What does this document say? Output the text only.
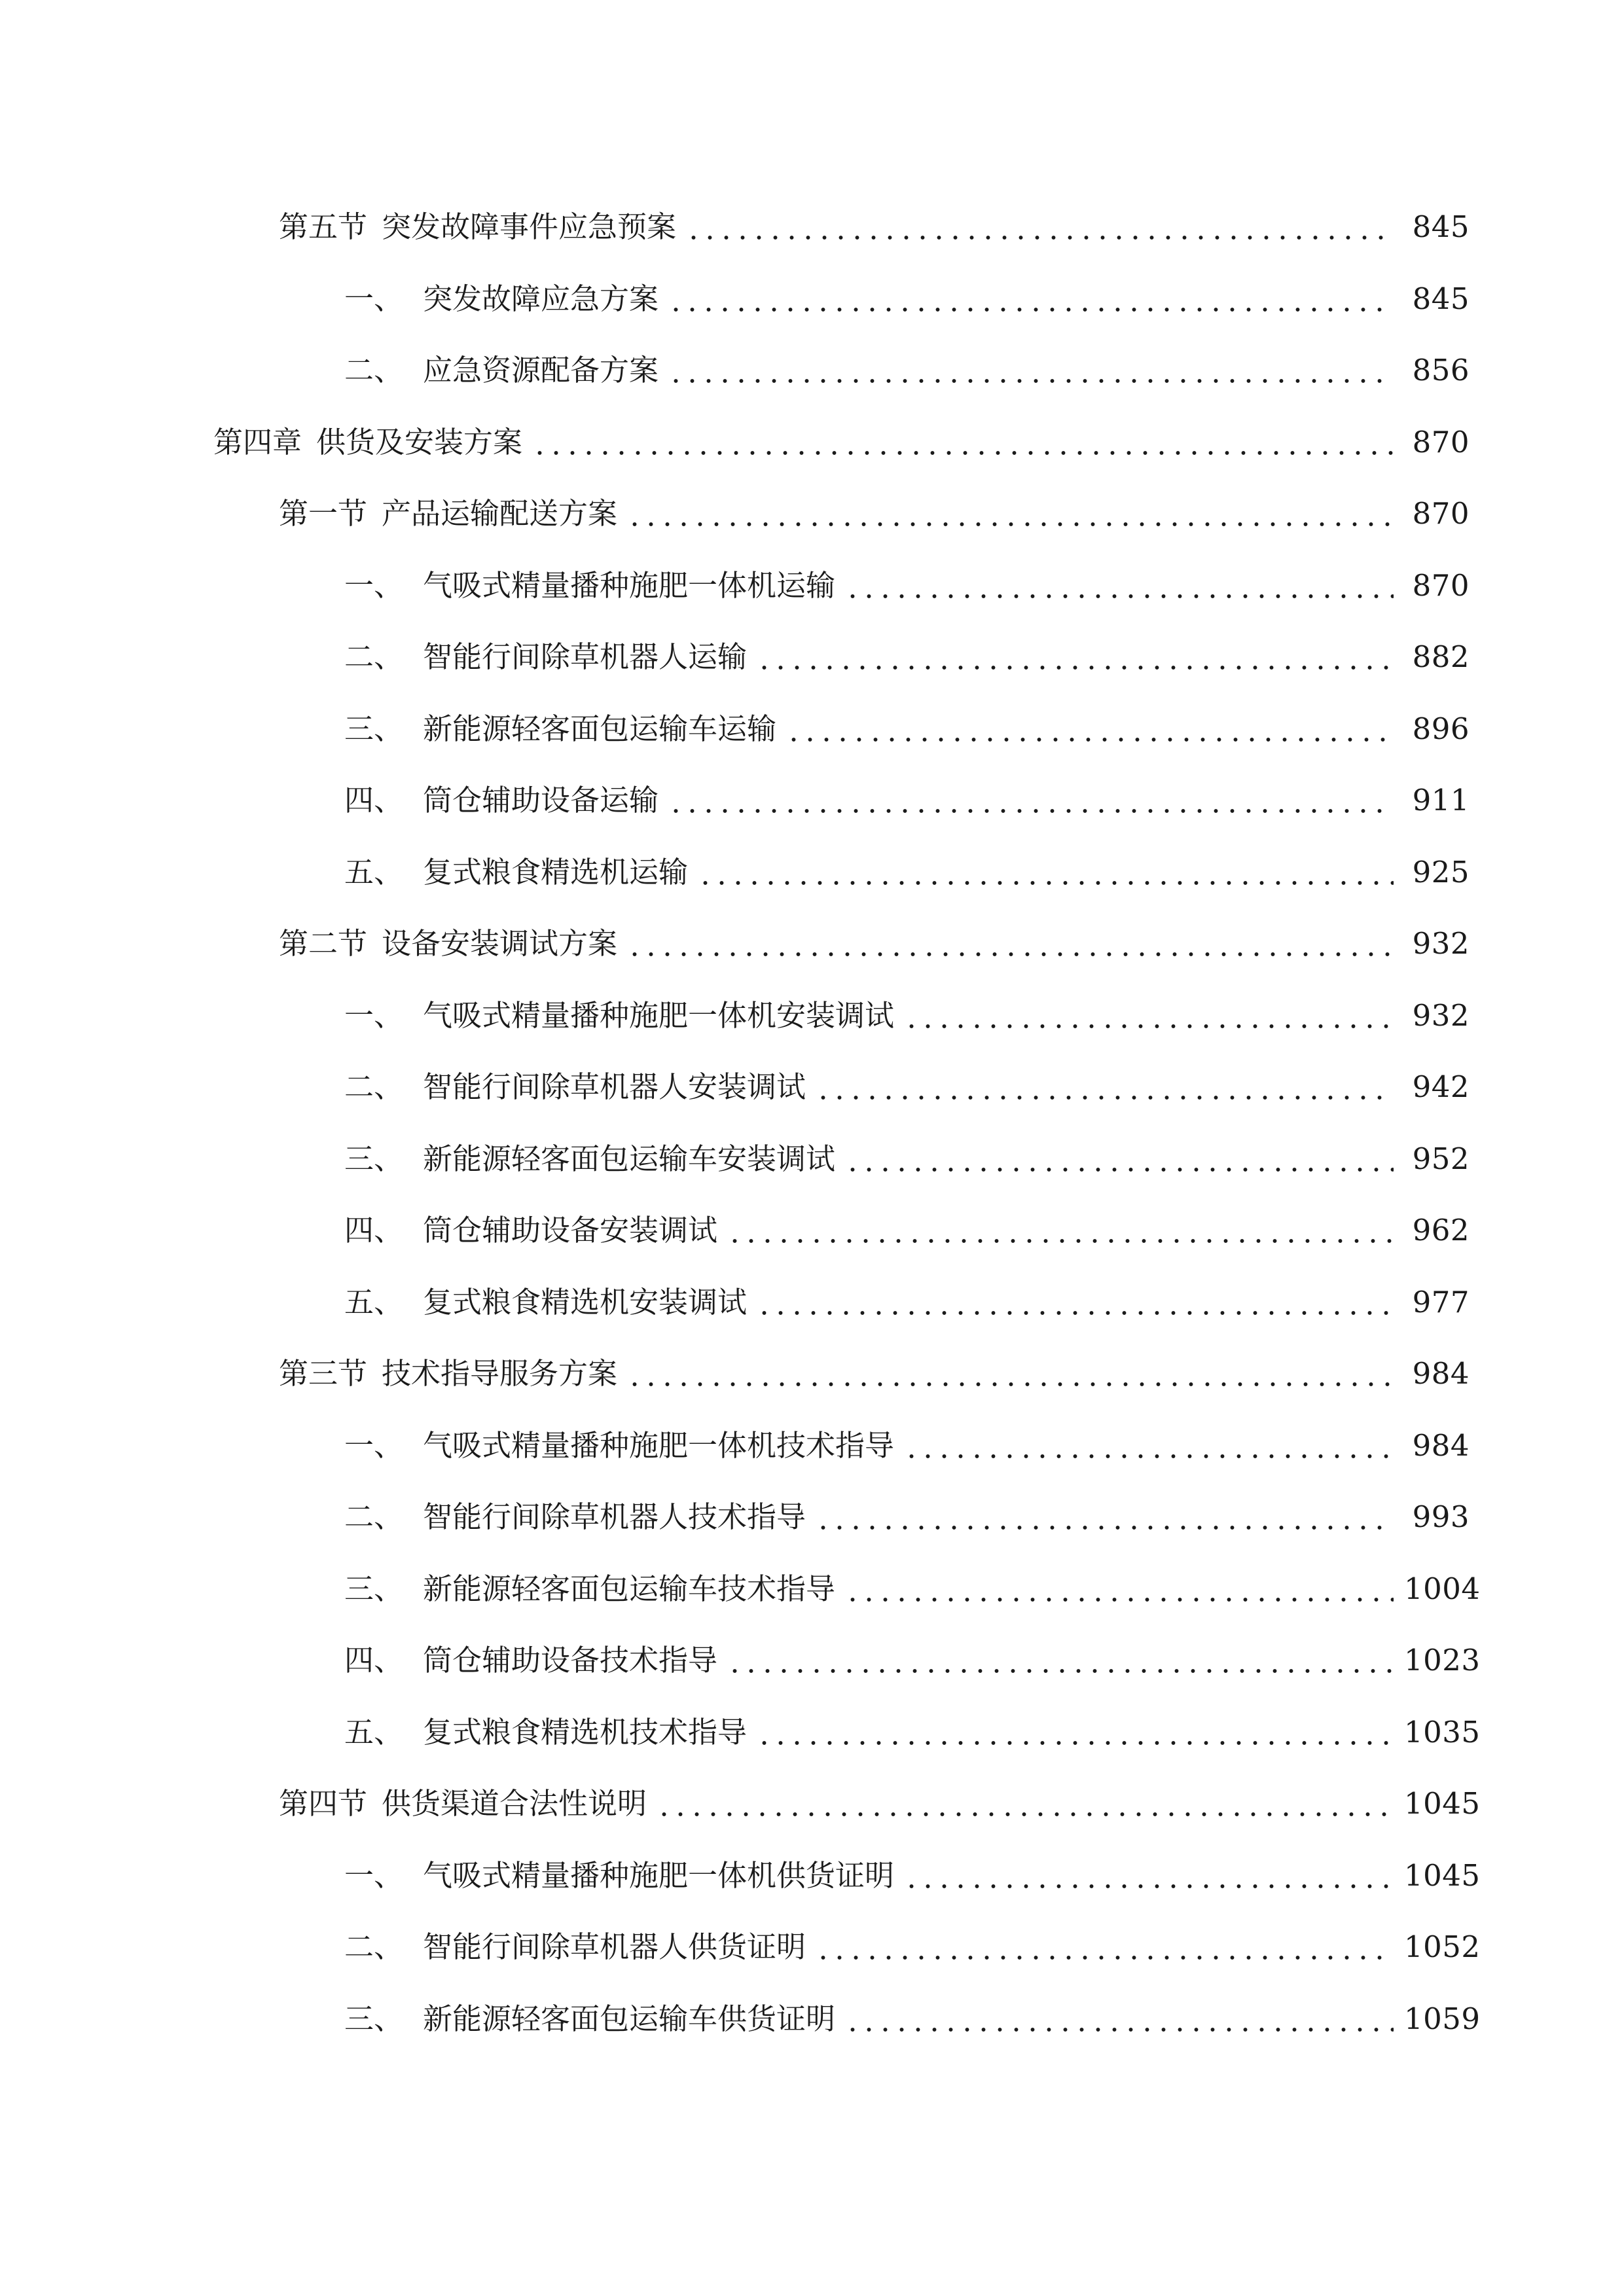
第五节 突发故障事件应急预案	845
一、 突发故障应急方案	845
二、 应急资源配备方案	856
第四章 供货及安装方案	870
第一节 产品运输配送方案	870
一、 气吸式精量播种施肥一体机运输	870
二、 智能行间除草机器人运输	882
三、 新能源轻客面包运输车运输	896
四、 筒仓辅助设备运输	911
五、 复式粮食精选机运输	925
第二节 设备安装调试方案	932
一、 气吸式精量播种施肥一体机安装调试	932
二、 智能行间除草机器人安装调试	942
三、 新能源轻客面包运输车安装调试	952
四、 筒仓辅助设备安装调试	962
五、 复式粮食精选机安装调试	977
第三节 技术指导服务方案	984
一、 气吸式精量播种施肥一体机技术指导	984
二、 智能行间除草机器人技术指导	993
三、 新能源轻客面包运输车技术指导	1004
四、 筒仓辅助设备技术指导	1023
五、 复式粮食精选机技术指导	1035
第四节 供货渠道合法性说明	1045
一、 气吸式精量播种施肥一体机供货证明	1045
二、 智能行间除草机器人供货证明	1052
三、 新能源轻客面包运输车供货证明	1059
